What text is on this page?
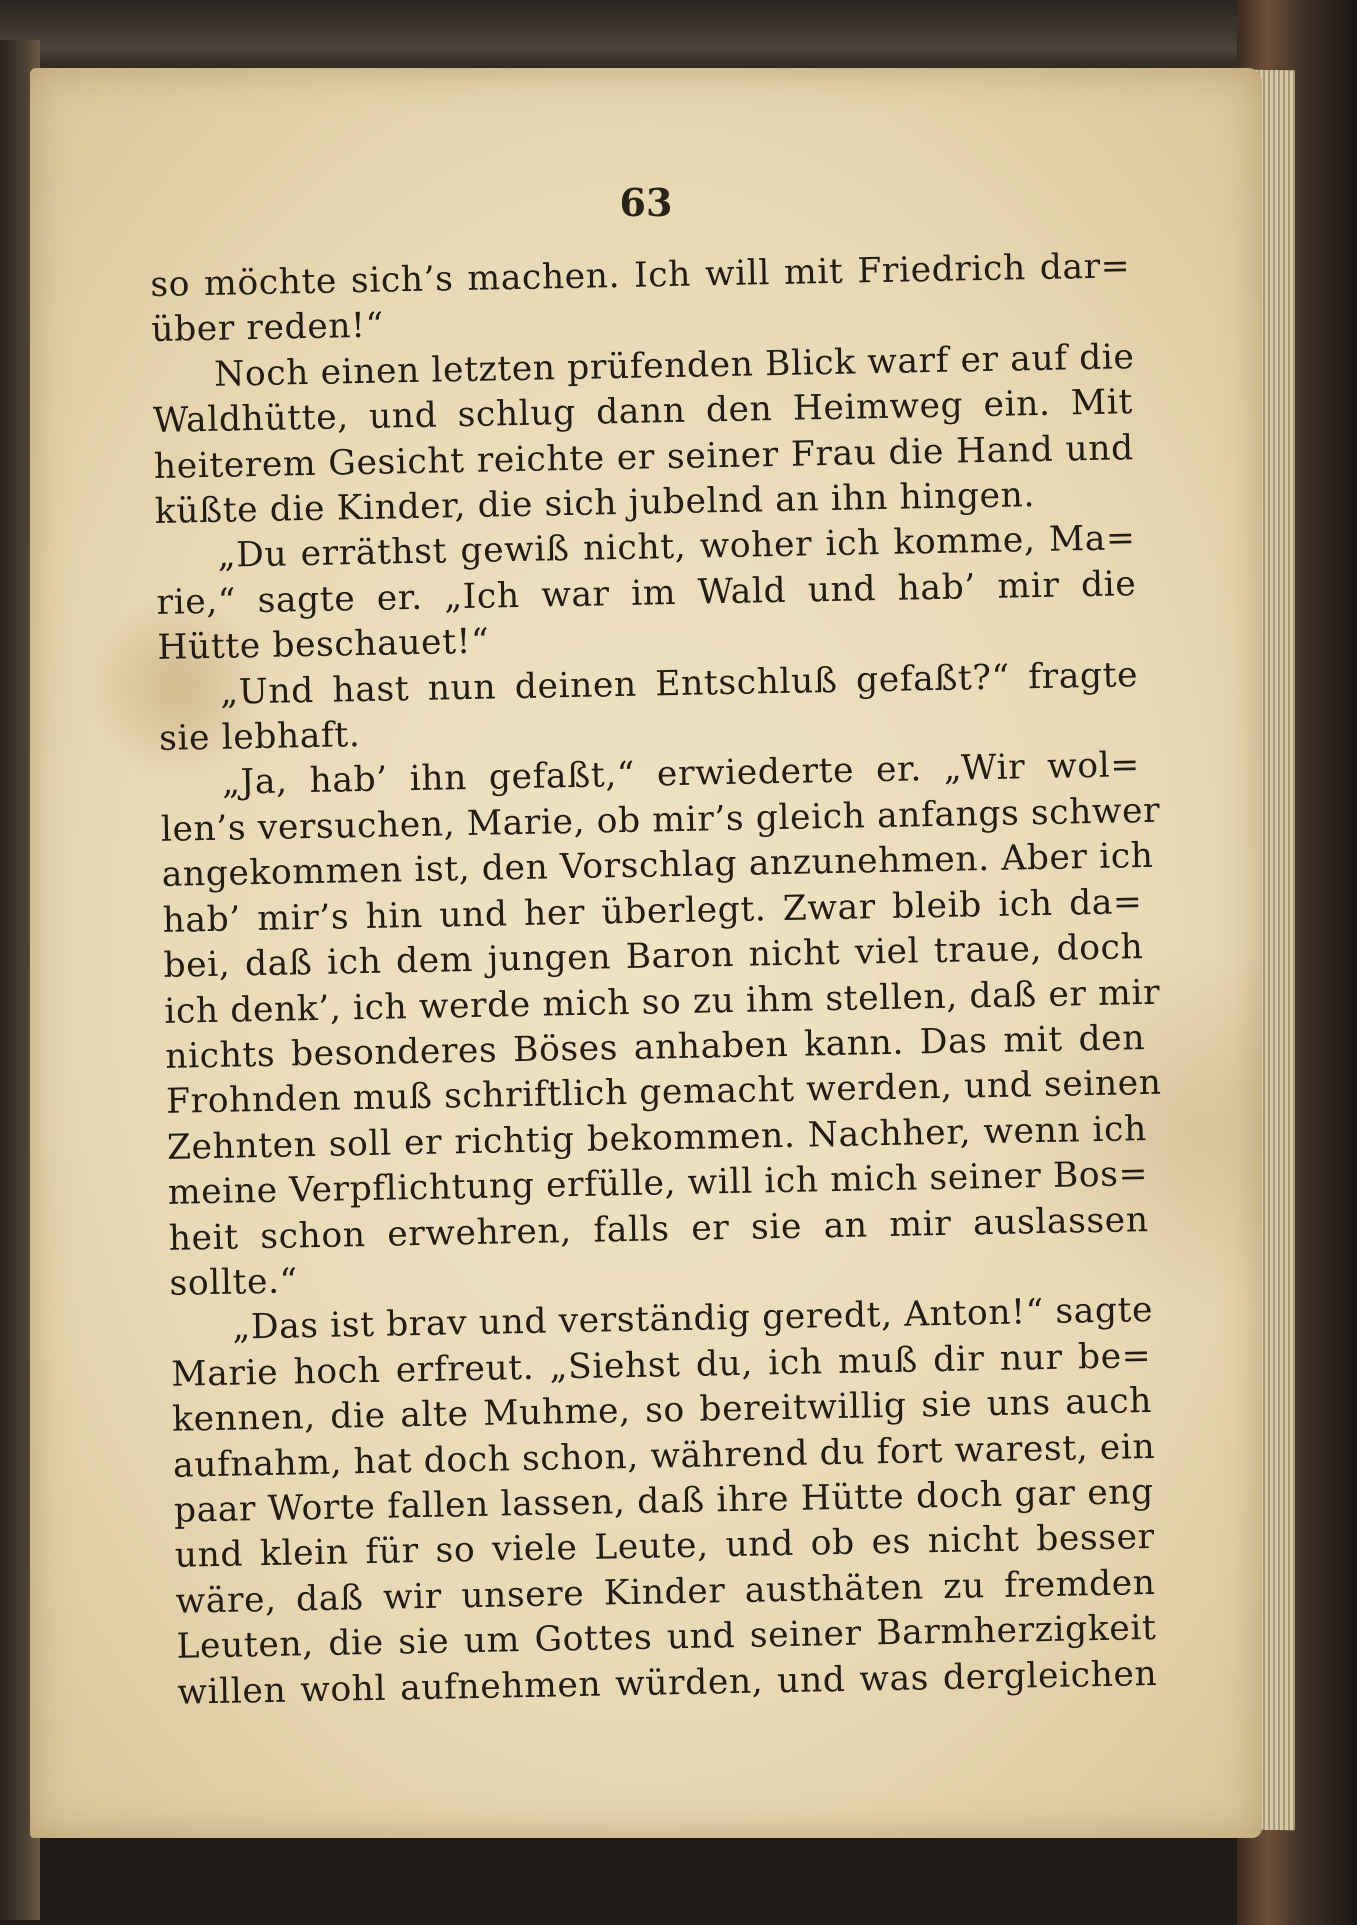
63
so möchte sich’s machen. Ich will mit Friedrich dar=
über reden!“
Noch einen letzten prüfenden Blick warf er auf die
Waldhütte, und schlug dann den Heimweg ein. Mit
heiterem Gesicht reichte er seiner Frau die Hand und
küßte die Kinder, die sich jubelnd an ihn hingen.
„Du erräthst gewiß nicht, woher ich komme, Ma=
rie,“ sagte er. „Ich war im Wald und hab’ mir die
Hütte beschauet!“
„Und hast nun deinen Entschluß gefaßt?“ fragte
sie lebhaft.
„Ja, hab’ ihn gefaßt,“ erwiederte er. „Wir wol=
len’s versuchen, Marie, ob mir’s gleich anfangs schwer
angekommen ist, den Vorschlag anzunehmen. Aber ich
hab’ mir’s hin und her überlegt. Zwar bleib ich da=
bei, daß ich dem jungen Baron nicht viel traue, doch
ich denk’, ich werde mich so zu ihm stellen, daß er mir
nichts besonderes Böses anhaben kann. Das mit den
Frohnden muß schriftlich gemacht werden, und seinen
Zehnten soll er richtig bekommen. Nachher, wenn ich
meine Verpflichtung erfülle, will ich mich seiner Bos=
heit schon erwehren, falls er sie an mir auslassen
sollte.“
„Das ist brav und verständig geredt, Anton!“ sagte
Marie hoch erfreut. „Siehst du, ich muß dir nur be=
kennen, die alte Muhme, so bereitwillig sie uns auch
aufnahm, hat doch schon, während du fort warest, ein
paar Worte fallen lassen, daß ihre Hütte doch gar eng
und klein für so viele Leute, und ob es nicht besser
wäre, daß wir unsere Kinder austhäten zu fremden
Leuten, die sie um Gottes und seiner Barmherzigkeit
willen wohl aufnehmen würden, und was dergleichen
